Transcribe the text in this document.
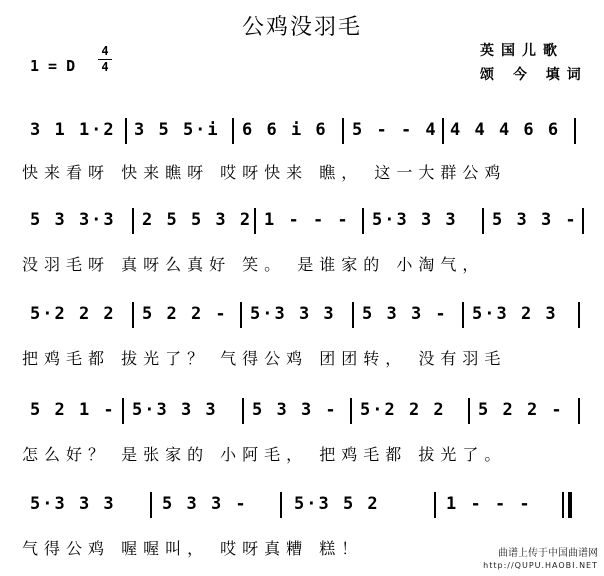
公鸡没羽毛
1 = D
4
4
英国儿歌
颂 今 填词
3 1 1·2 3 5 5·i 6 6 i 6 5 - - 4 4 4 4 6 6
快来看呀 快来瞧呀 哎呀快来 瞧， 这一大群公鸡
5 3 3·3 2 5 5 3 2 1 - - - 5·3 3 3 5 3 3 -
没羽毛呀 真呀么真好 笑。 是谁家的 小淘气，
5·2 2 2 5 2 2 - 5·3 3 3 5 3 3 - 5·3 2 3
把鸡毛都 拔光了？ 气得公鸡 团团转， 没有羽毛
5 2 1 - 5·3 3 3 5 3 3 - 5·2 2 2 5 2 2 -
怎么好？ 是张家的 小阿毛， 把鸡毛都 拔光了。
5·3 3 3	5 3 3 -	5·3 5 2	1 - - -
气得公鸡 喔喔叫， 哎呀真糟 糕！	曲谱上传于中国曲谱网
http://QUPU.HAOBI.NET
